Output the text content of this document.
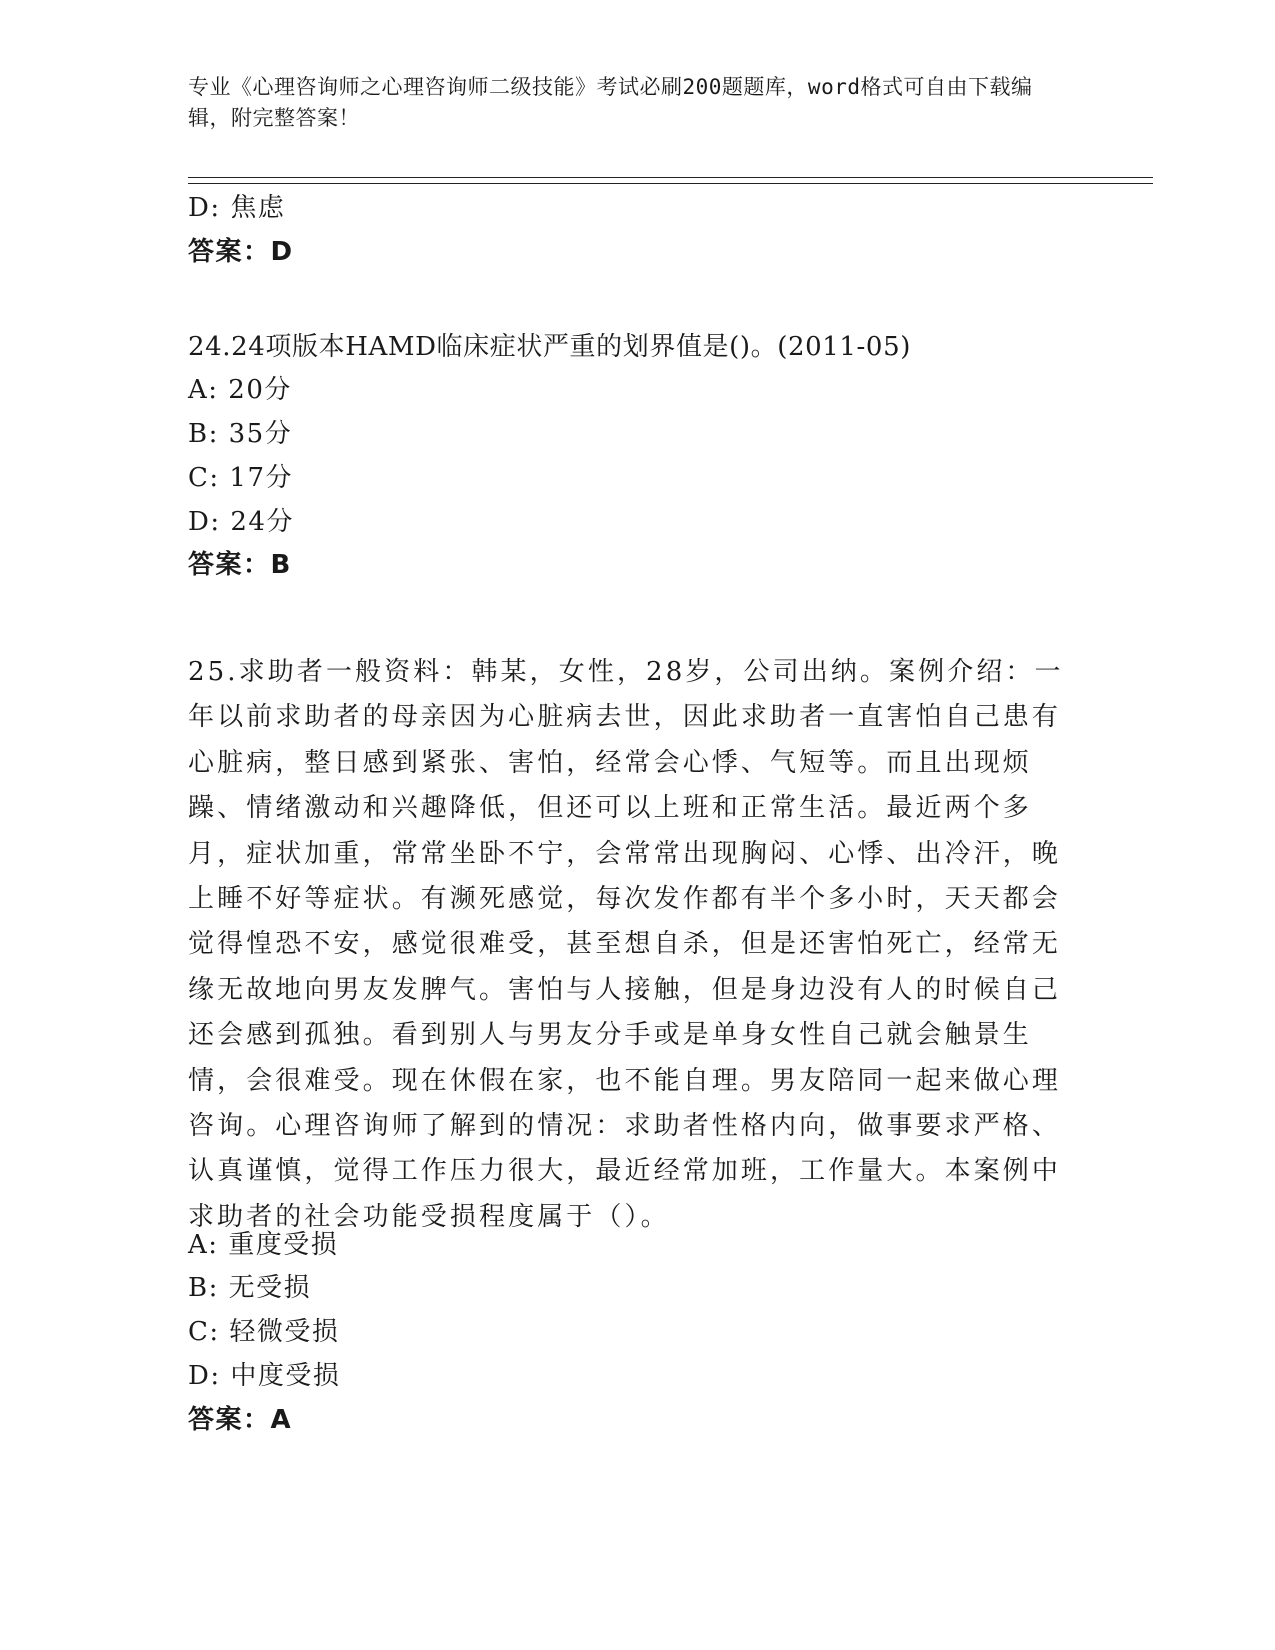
专业《心理咨询师之心理咨询师二级技能》考试必刷200题题库，word格式可自由下载编辑，附完整答案！
D: 焦虑
答案：D
24.24项版本HAMD临床症状严重的划界值是()。(2011-05)
A: 20分
B: 35分
C: 17分
D: 24分
答案：B
25.求助者一般资料：韩某，女性，28岁，公司出纳。案例介绍：一年以前求助者的母亲因为心脏病去世，因此求助者一直害怕自己患有心脏病，整日感到紧张、害怕，经常会心悸、气短等。而且出现烦躁、情绪激动和兴趣降低，但还可以上班和正常生活。最近两个多月，症状加重，常常坐卧不宁，会常常出现胸闷、心悸、出冷汗，晚上睡不好等症状。有濒死感觉，每次发作都有半个多小时，天天都会觉得惶恐不安，感觉很难受，甚至想自杀，但是还害怕死亡，经常无缘无故地向男友发脾气。害怕与人接触，但是身边没有人的时候自己还会感到孤独。看到别人与男友分手或是单身女性自己就会触景生情，会很难受。现在休假在家，也不能自理。男友陪同一起来做心理咨询。心理咨询师了解到的情况：求助者性格内向，做事要求严格、认真谨慎，觉得工作压力很大，最近经常加班，工作量大。本案例中求助者的社会功能受损程度属于（）。
A: 重度受损
B: 无受损
C: 轻微受损
D: 中度受损
答案：A
